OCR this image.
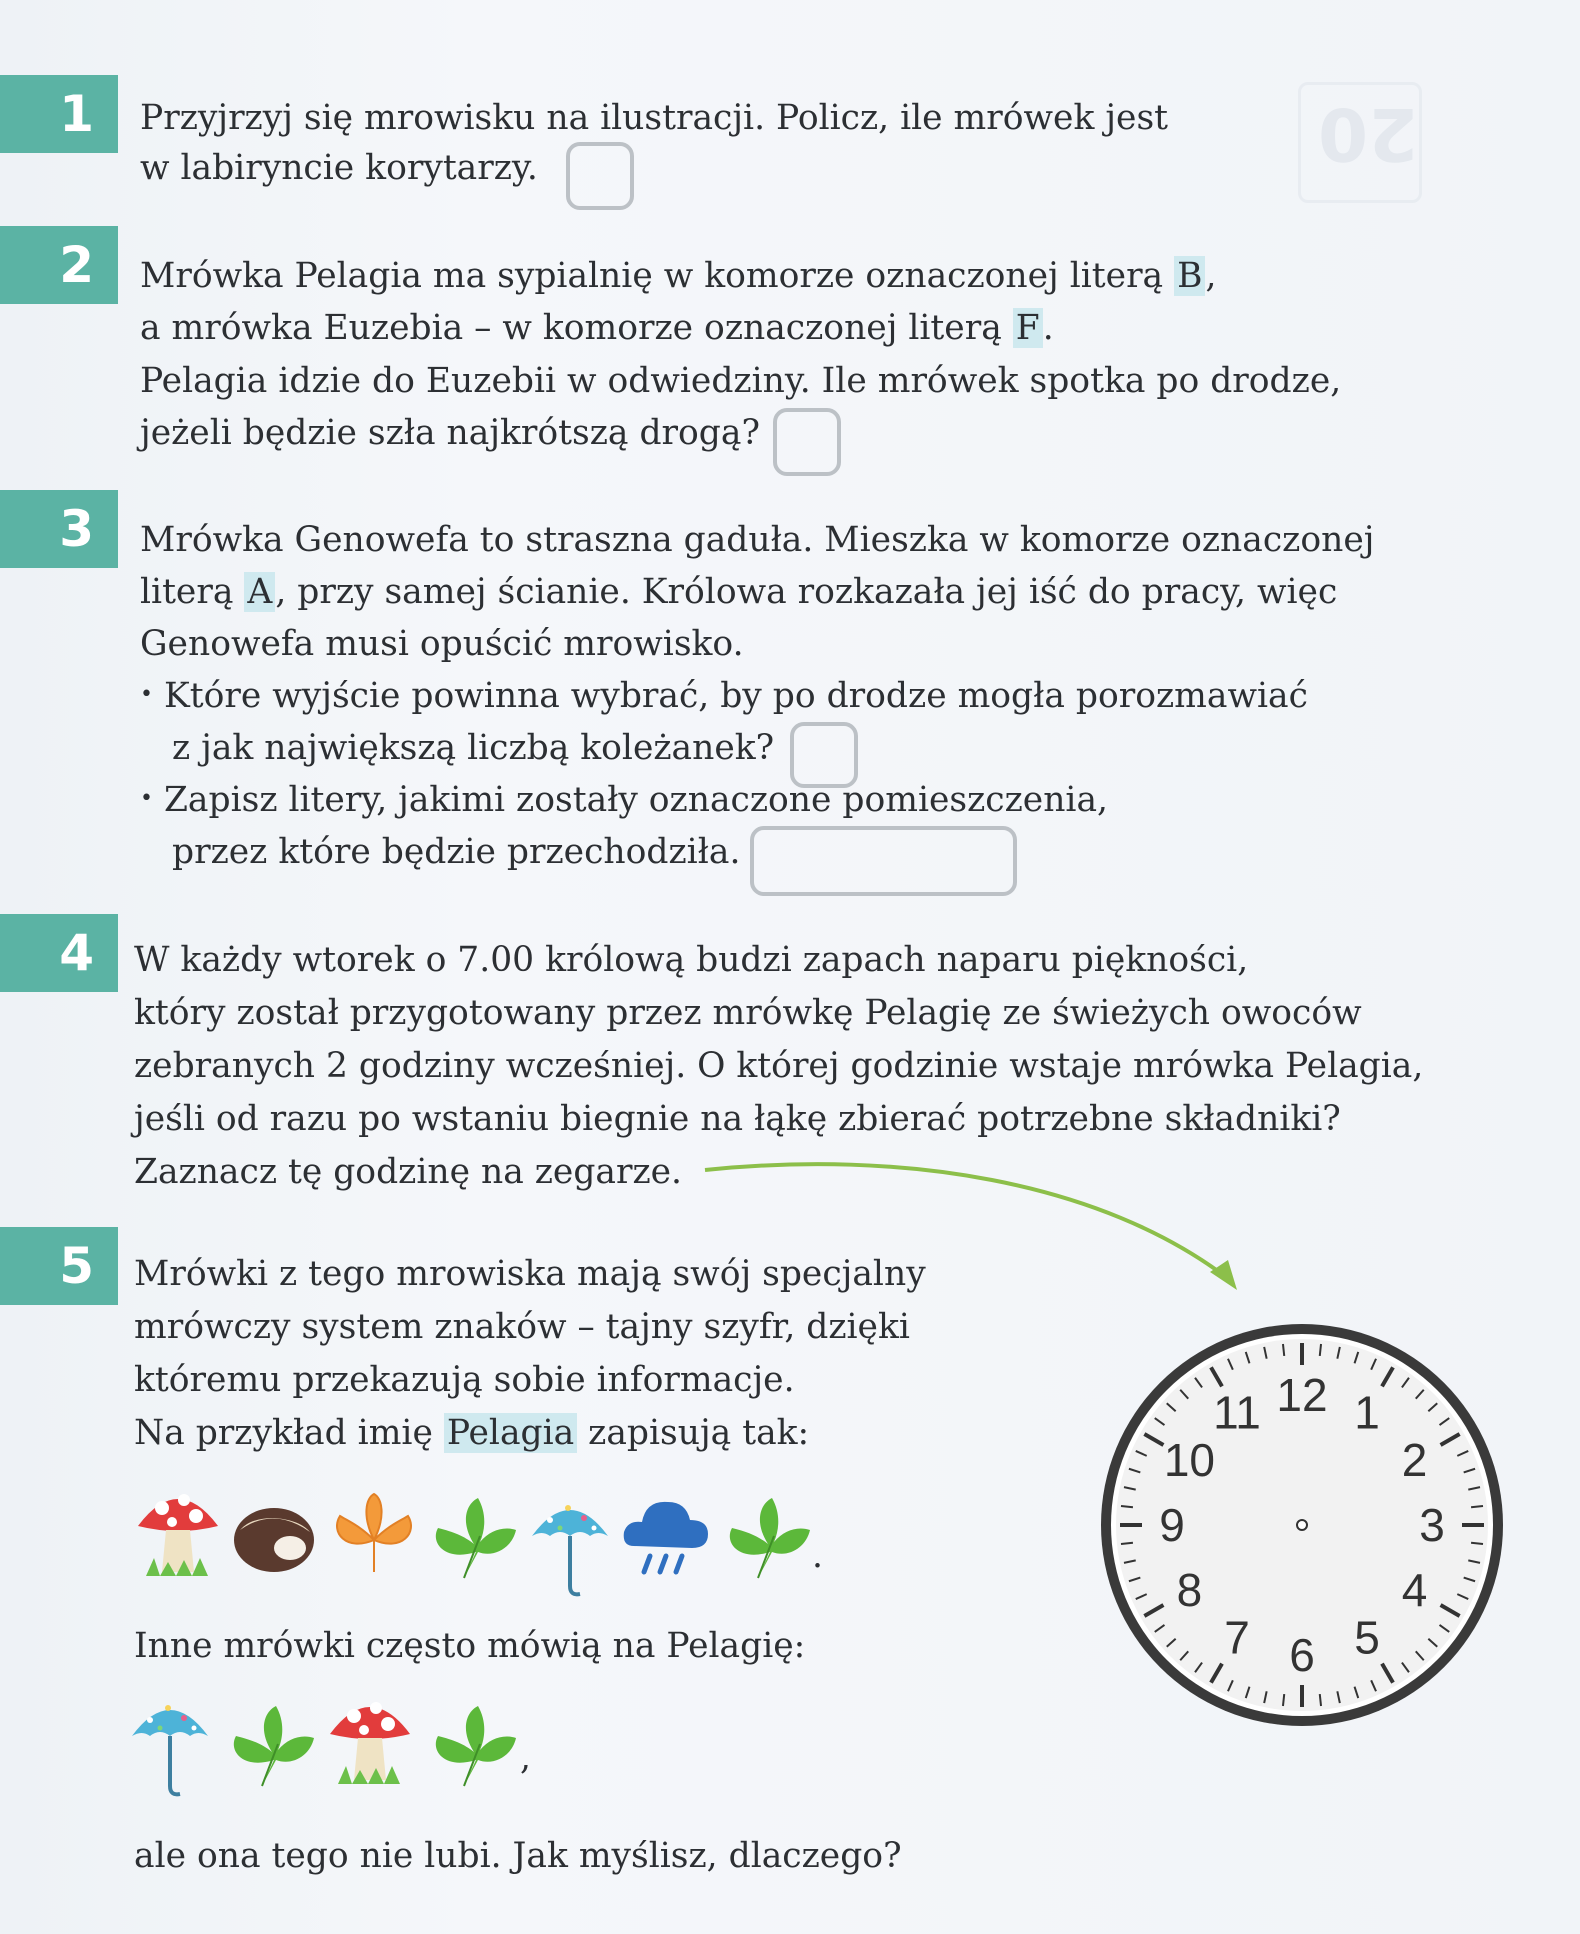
20
1	Przyjrzyj się mrowisku na ilustracji. Policz, ile mrówek jest
w labiryncie korytarzy.
2	Mrówka Pelagia ma sypialnię w komorze oznaczonej literą B,
a mrówka Euzebia – w komorze oznaczonej literą F.
Pelagia idzie do Euzebii w odwiedziny. Ile mrówek spotka po drodze,
jeżeli będzie szła najkrótszą drogą?
3	Mrówka Genowefa to straszna gaduła. Mieszka w komorze oznaczonej
literą A, przy samej ścianie. Królowa rozkazała jej iść do pracy, więc
Genowefa musi opuścić mrowisko.
• Które wyjście powinna wybrać, by po drodze mogła porozmawiać
z jak największą liczbą koleżanek?
• Zapisz litery, jakimi zostały oznaczone pomieszczenia,
przez które będzie przechodziła.
4	W każdy wtorek o 7.00 królową budzi zapach naparu piękności,
który został przygotowany przez mrówkę Pelagię ze świeżych owoców
zebranych 2 godziny wcześniej. O której godzinie wstaje mrówka Pelagia,
jeśli od razu po wstaniu biegnie na łąkę zbierać potrzebne składniki?
Zaznacz tę godzinę na zegarze.
5	Mrówki z tego mrowiska mają swój specjalny
mrówczy system znaków – tajny szyfr, dzięki
któremu przekazują sobie informacje.
Na przykład imię Pelagia zapisują tak:
.
Inne mrówki często mówią na Pelagię:
,
ale ona tego nie lubi. Jak myślisz, dlaczego?
12 1
2
3
4
5
6
7
8
9
10
11
